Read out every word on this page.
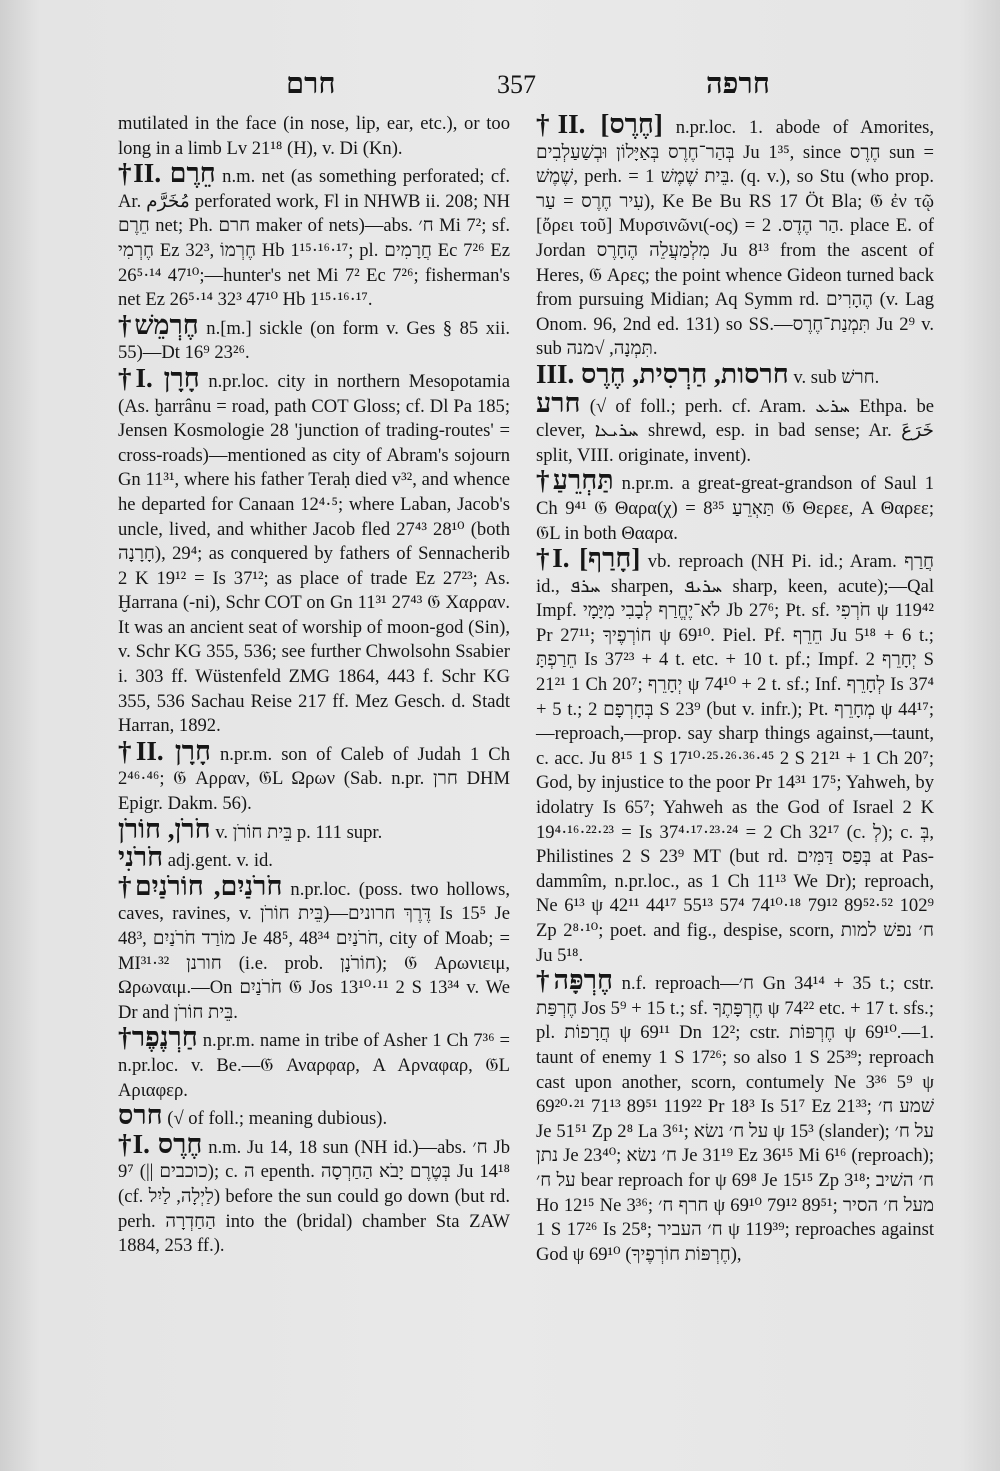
חרם	357	חרפה

mutilated in the face (in nose, lip, ear, etc.), or too long in a limb Lv 21¹⁸ (H), v. Di (Kn).

†II. חֵרֶם n.m. net (as something perforated; cf. Ar. مُخَرَّم perforated work, Fl in NHWB ii. 208; NH חֵרֶם net; Ph. חרם maker of nets)—abs. ח׳ Mi 7²; sf. חֶרְמִי Ez 32³, חֶרְמוֹ Hb 1¹⁵·¹⁶·¹⁷; pl. חֲרָמִים Ec 7²⁶ Ez 26⁵·¹⁴ 47¹⁰;—hunter's net Mi 7² Ec 7²⁶; fisherman's net Ez 26⁵·¹⁴ 32³ 47¹⁰ Hb 1¹⁵·¹⁶·¹⁷.

†חֶרְמֵשׁ n.[m.] sickle (on form v. Ges § 85 xii. 55)—Dt 16⁹ 23²⁶.

†I. חָרָן n.pr.loc. city in northern Mesopotamia (As. ḫarrânu = road, path COT Gloss; cf. Dl Pa 185; Jensen Kosmologie 28 'junction of trading-routes' = cross-roads)—mentioned as city of Abram's sojourn Gn 11³¹, where his father Teraḥ died v³², and whence he departed for Canaan 12⁴·⁵; where Laban, Jacob's uncle, lived, and whither Jacob fled 27⁴³ 28¹⁰ (both חָרָנָה), 29⁴; as conquered by fathers of Sennacherib 2 K 19¹² = Is 37¹²; as place of trade Ez 27²³; As. Ḫarrana (-ni), Schr COT on Gn 11³¹ 27⁴³ 𝔊 Χαρραν. It was an ancient seat of worship of moon-god (Sin), v. Schr KG 355, 536; see further Chwolsohn Ssabier i. 303 ff. Wüstenfeld ZMG 1864, 443 f. Schr KG 355, 536 Sachau Reise 217 ff. Mez Gesch. d. Stadt Harran, 1892.

†II. חָרָן n.pr.m. son of Caleb of Judah 1 Ch 2⁴⁶·⁴⁶; 𝔊 Αρραν, 𝔊L Ωρων (Sab. n.pr. חרן DHM Epigr. Dakm. 56).

חֹרֹן, חוֹרֹן v. בֵּית חוֹרֹן p. 111 supr.

חֹרֹנִי adj.gent. v. id.

†חֹרֹנַיִם, חוֹרֹנַיִם n.pr.loc. (poss. two hollows, caves, ravines, v. בֵּית חוֹרֹן)—דֶּרֶךְ חרונים Is 15⁵ Je 48³, מוֹרַד חֹרֹנַיִם Je 48⁵, חֹרֹנַיִם 48³⁴, city of Moab; = MI³¹·³² חורנן (i.e. prob. חוֹרֹנָן); 𝔊 Αρωνιειμ, Ωρωναιμ.—On חֹרֹנַיִם 𝔊 Jos 13¹⁰·¹¹ 2 S 13³⁴ v. We Dr and בֵּית חוֹרֹן.

†חַרְנֶפֶר n.pr.m. name in tribe of Asher 1 Ch 7³⁶ = n.pr.loc. v. Be.—𝔊 Αναρφαρ, A Αρναφαρ, 𝔊L Αριαφερ.

חרס (√ of foll.; meaning dubious).

†I. חֶרֶס n.m. Ju 14, 18 sun (NH id.)—abs. ח׳ Jb 9⁷ (|| כוכבים); c. ה epenth. בְּטֶרֶם יָבֹא הַחַרְסָה Ju 14¹⁸ (cf. לַיְלָה, לַיִל) before the sun could go down (but rd. perh. הַחַדְרָה into the (bridal) chamber Sta ZAW 1884, 253 ff.).

†II. [חֶרֶס] n.pr.loc. 1. abode of Amorites, בְּהַר־חֶרֶס בְּאַיָּלוֹן וּבְשַׁעַלְבִים Ju 1³⁵, since חֶרֶס sun = שֶׁמֶשׁ, perh. = בֵּית שֶׁמֶשׁ 1. (q. v.), so Stu (who prop. עִיר חֶרֶס = עַר), Ke Be Bu RS 17 Öt Bla; 𝔊 ἐν τῷ [ὄρει τοῦ] Μυρσινῶνι(-ος) = הַר הֶדֶס. 2. place E. of Jordan מִלְמַעֲלֵה הֶחָרֶס Ju 8¹³ from the ascent of Heres, 𝔊 Αρες; the point whence Gideon turned back from pursuing Midian; Aq Symm rd. הֶהָרִים (v. Lag Onom. 96, 2nd ed. 131) so SS.—תִּמְנַת־חֶרֶס Ju 2⁹ v. sub תִּמְנָה, √מנה.

III. חרסות, חַרְסִית, חֶרֶס v. sub חרשׁ.

חרע (√ of foll.; perh. cf. Aram. ܚܪܥ Ethpa. be clever, ܚܪܝܥܐ shrewd, esp. in bad sense; Ar. خَرَعَ split, VIII. originate, invent).

†תַּחְרֵעַ n.pr.m. a great-great-grandson of Saul 1 Ch 9⁴¹ 𝔊 Θαρα(χ) = תַּאְרֵעַ 8³⁵ 𝔊 Θερεε, A Θαρεε; 𝔊L in both Θααρα.

†I. [חָרַף] vb. reproach (NH Pi. id.; Aram. חֲרַף id., ܚܪܦ sharpen, ܚܪܝܦ sharp, keen, acute);—Qal Impf. לֹא־יֶחֱרַף לְבָבִי מִיָּמָי Jb 27⁶; Pt. sf. חֹרְפִי ψ 119⁴² Pr 27¹¹; חוֹרְפֶיךָ ψ 69¹⁰. Piel. Pf. חֵרֵף Ju 5¹⁸ + 6 t.; חֵרַפְתָּ Is 37²³ + 4 t. etc. + 10 t. pf.; Impf. יְחָרֵף 2 S 21²¹ 1 Ch 20⁷; יְחָרֵף ψ 74¹⁰ + 2 t. sf.; Inf. לְחָרֵף Is 37⁴ + 5 t.; בְּחָרְפָם 2 S 23⁹ (but v. infr.); Pt. מְחָרֵף ψ 44¹⁷;—reproach,—prop. say sharp things against,—taunt, c. acc. Ju 8¹⁵ 1 S 17¹⁰·²⁵·²⁶·³⁶·⁴⁵ 2 S 21²¹ + 1 Ch 20⁷; God, by injustice to the poor Pr 14³¹ 17⁵; Yahweh, by idolatry Is 65⁷; Yahweh as the God of Israel 2 K 19⁴·¹⁶·²²·²³ = Is 37⁴·¹⁷·²³·²⁴ = 2 Ch 32¹⁷ (c. לְ); c. בְּ, Philistines 2 S 23⁹ MT (but rd. בְּפַס דַּמִּים at Pas-dammîm, n.pr.loc., as 1 Ch 11¹³ We Dr); reproach, Ne 6¹³ ψ 42¹¹ 44¹⁷ 55¹³ 57⁴ 74¹⁰·¹⁸ 79¹² 89⁵²·⁵² 102⁹ Zp 2⁸·¹⁰; poet. and fig., despise, scorn, ח׳ נפשׁ למות Ju 5¹⁸.

†חֶרְפָּה n.f. reproach—ח׳ Gn 34¹⁴ + 35 t.; cstr. חֶרְפַּת Jos 5⁹ + 15 t.; sf. חֶרְפָּתֶךָ ψ 74²² etc. + 17 t. sfs.; pl. חֲרָפוֹת ψ 69¹¹ Dn 12²; cstr. חֶרְפּוֹת ψ 69¹⁰.—1. taunt of enemy 1 S 17²⁶; so also 1 S 25³⁹; reproach cast upon another, scorn, contumely Ne 3³⁶ 5⁹ ψ 69²⁰·²¹ 71¹³ 89⁵¹ 119²² Pr 18³ Is 51⁷ Ez 21³³; שׁמע ח׳ Je 51⁵¹ Zp 2⁸ La 3⁶¹; על ח׳ נשׂא ψ 15³ (slander); על ח׳ נתן Je 23⁴⁰; ח׳ נשׂא Je 31¹⁹ Ez 36¹⁵ Mi 6¹⁶ (reproach); על ח׳ bear reproach for ψ 69⁸ Je 15¹⁵ Zp 3¹⁸; ח׳ השׁיב Ho 12¹⁵ Ne 3³⁶; חרף ח׳ ψ 69¹⁰ 79¹² 89⁵¹; מעל ח׳ הסיר 1 S 17²⁶ Is 25⁸; ח׳ העביר ψ 119³⁹; reproaches against God ψ 69¹⁰ (חֶרְפּוֹת חוֹרְפֶיךָ),
